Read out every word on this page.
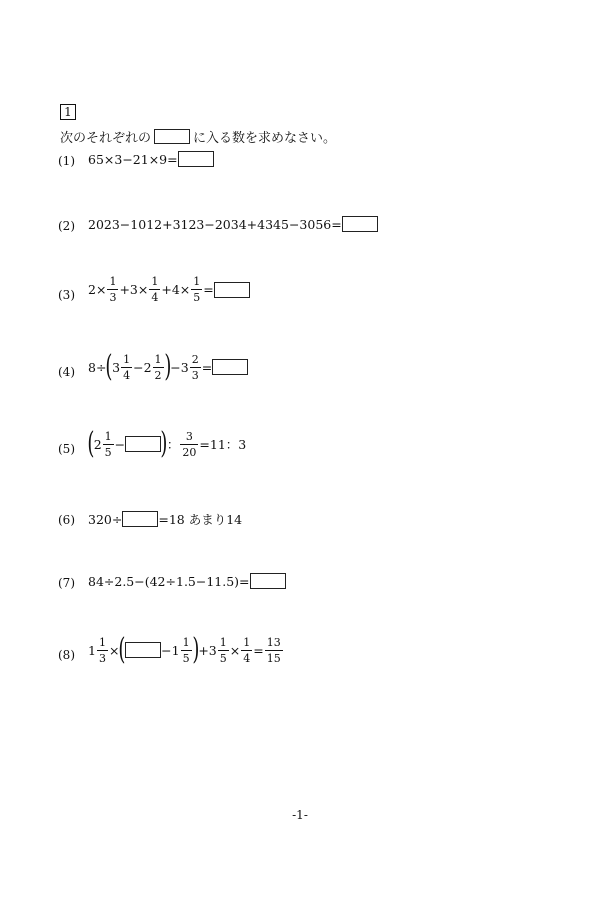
1
次のそれぞれの	に入る数を求めなさい。
(1)	65×3−21×9=
(2)	2023−1012+3123−2034+4345−3056=
(3)	$2\times \frac{1}{3} +3\times \frac{1}{4} +4\times \frac{1}{5}$ =
(4)	8÷ ( $3 \frac{1}{4} -2 \frac{1}{2}$ ) $-3 \frac{2}{3}$ =
(5) ( $2 \frac{1}{5}$ − ) ： $\frac{3}{20} =11$：3
(6)	320÷	=18 あまり14
(7)	84÷2.5−(42÷1.5−11.5)=
(8)	$1 \frac{1}{3}$ × (	$-1 \frac{1}{5}$ ) $+3 \frac{1}{5} \times \frac{1}{4} = \frac{13}{15}$
-1-
